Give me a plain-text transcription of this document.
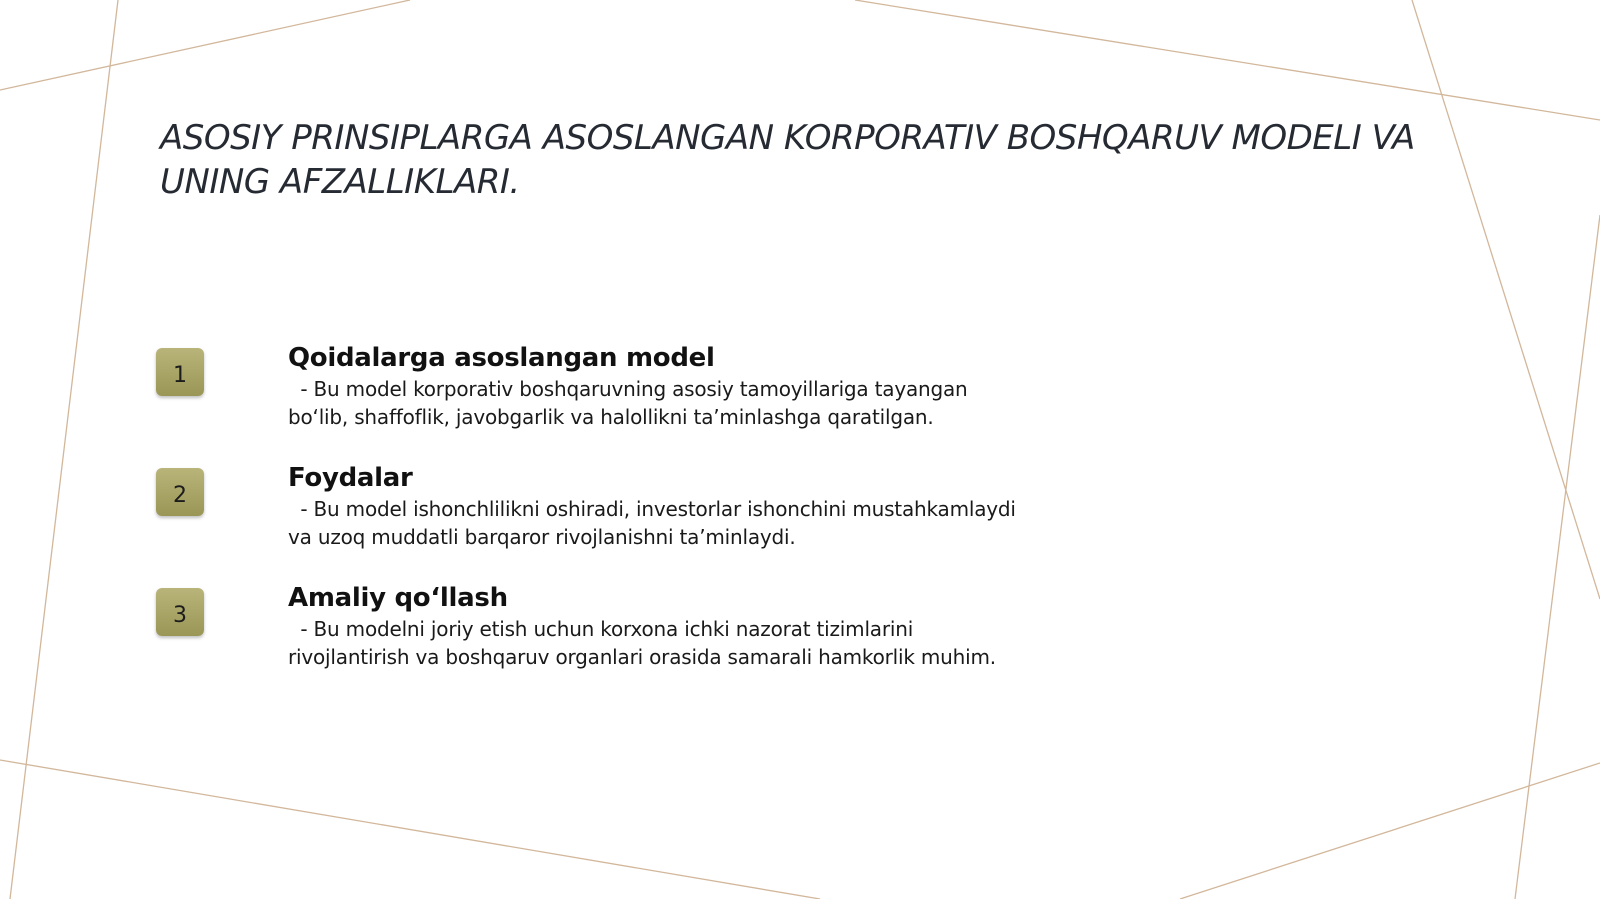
ASOSIY PRINSIPLARGA ASOSLANGAN KORPORATIV BOSHQARUV MODELI VA UNING AFZALLIKLARI.
1
Qoidalarga asoslangan model

- Bu model korporativ boshqaruvning asosiy tamoyillariga tayangan
bo‘lib, shaffoflik, javobgarlik va halollikni ta’minlashga qaratilgan.

2
Foydalar

- Bu model ishonchlilikni oshiradi, investorlar ishonchini mustahkamlaydi
va uzoq muddatli barqaror rivojlanishni ta’minlaydi.

3
Amaliy qo‘llash

- Bu modelni joriy etish uchun korxona ichki nazorat tizimlarini
rivojlantirish va boshqaruv organlari orasida samarali hamkorlik muhim.
